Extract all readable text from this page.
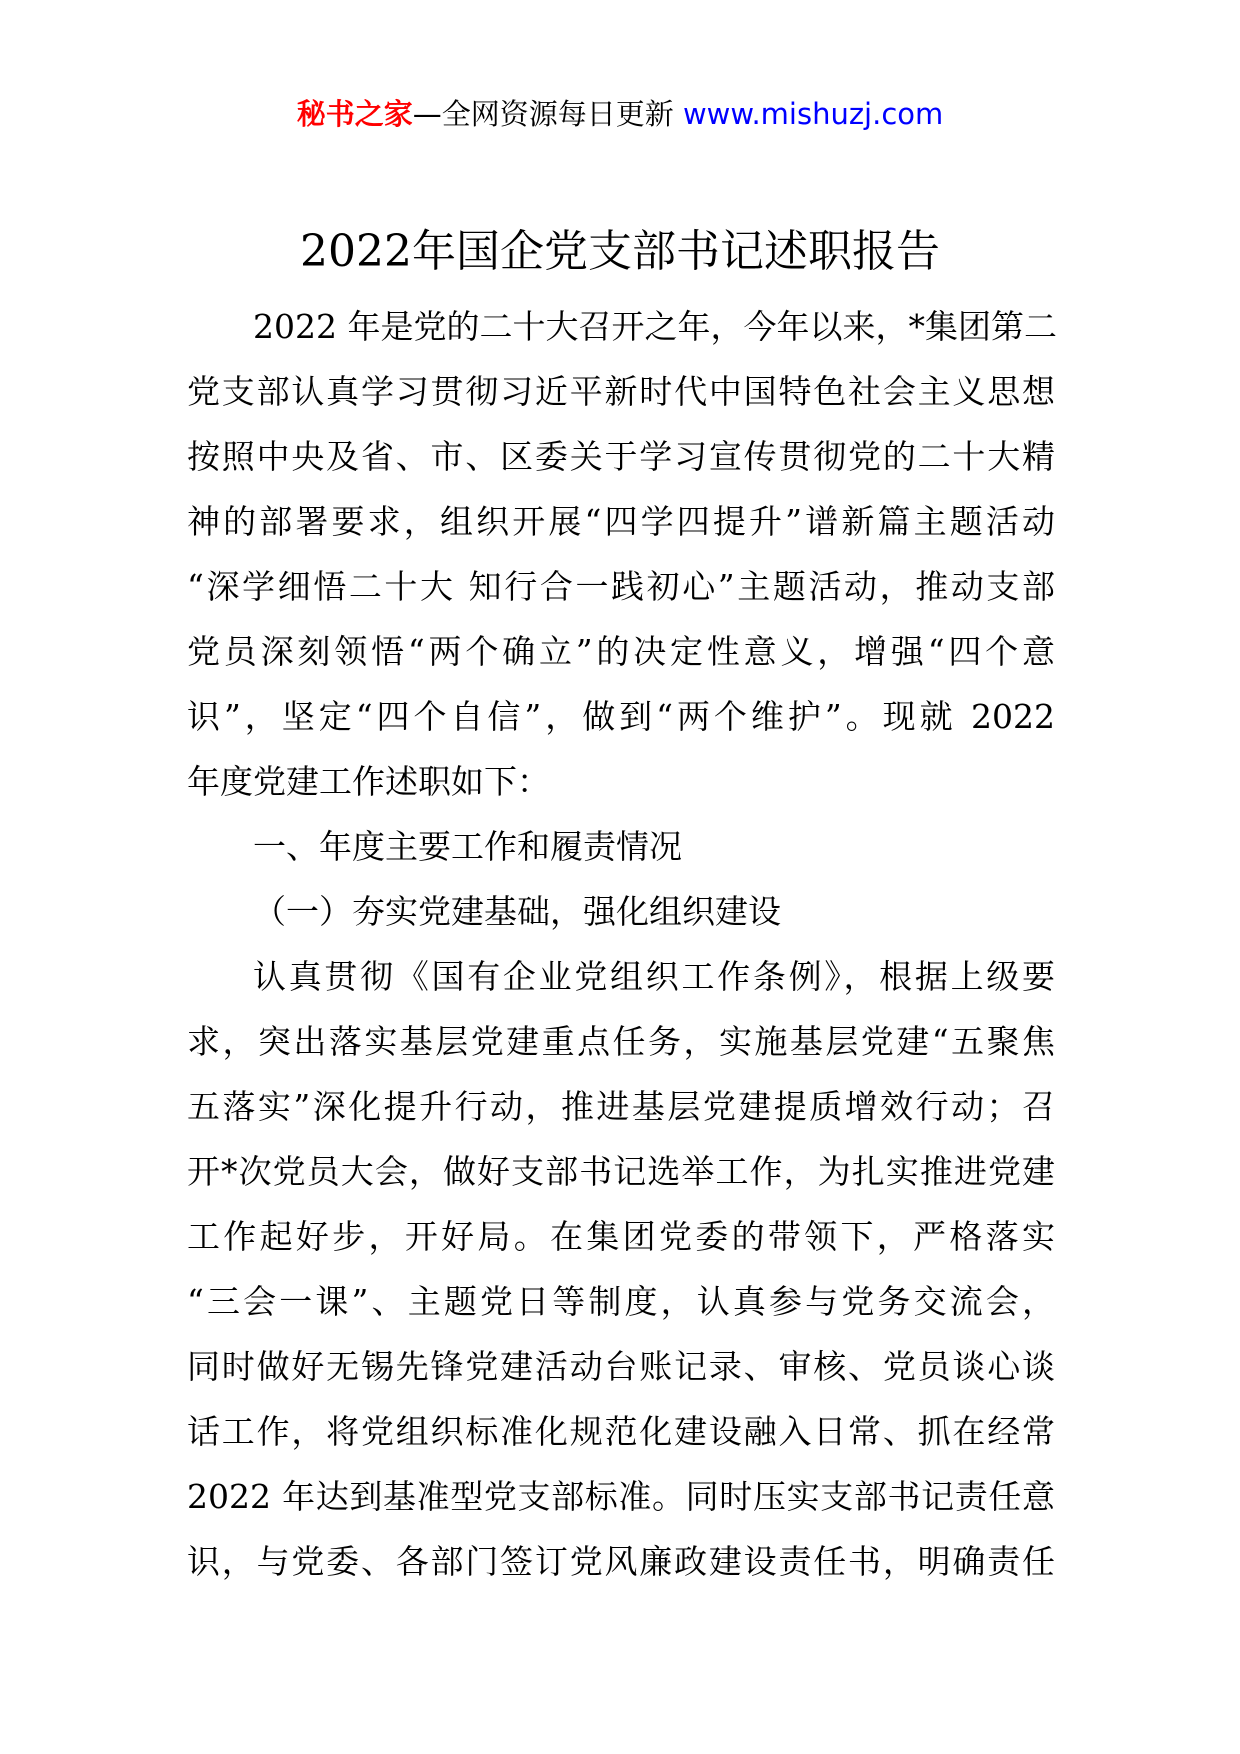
秘书之家—全网资源每日更新 www.mishuzj.com
2022年国企党支部书记述职报告
2022 年是党的二十大召开之年，今年以来，*集团第二
党支部认真学习贯彻习近平新时代中国特色社会主义思想
按照中央及省、市、区委关于学习宣传贯彻党的二十大精
神的部署要求，组织开展“四学四提升”谱新篇主题活动
“深学细悟二十大 知行合一践初心”主题活动，推动支部
党员深刻领悟“两个确立”的决定性意义，增强“四个意
识”，坚定“四个自信”，做到“两个维护”。现就 2022
年度党建工作述职如下：
一、年度主要工作和履责情况
（一）夯实党建基础，强化组织建设
认真贯彻《国有企业党组织工作条例》，根据上级要
求，突出落实基层党建重点任务，实施基层党建“五聚焦
五落实”深化提升行动，推进基层党建提质增效行动；召
开*次党员大会，做好支部书记选举工作，为扎实推进党建
工作起好步，开好局。在集团党委的带领下，严格落实
“三会一课”、主题党日等制度，认真参与党务交流会，
同时做好无锡先锋党建活动台账记录、审核、党员谈心谈
话工作，将党组织标准化规范化建设融入日常、抓在经常
2022 年达到基准型党支部标准。同时压实支部书记责任意
识，与党委、各部门签订党风廉政建设责任书，明确责任
